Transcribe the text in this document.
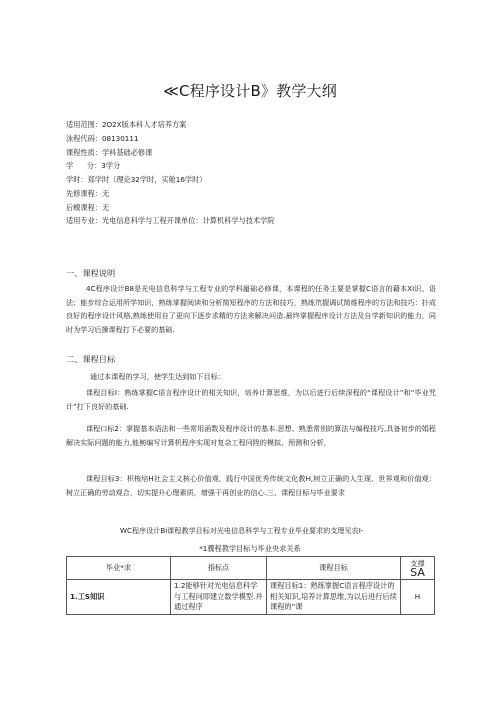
≪C程序设计B》教学大纲
适用范围：2O2X版本科人才培养方案
泳程代码：08130111
课程性质：学科基础必修课
学      分：3学分
学时：郑学时（理论32学时，实舱16学时）
先修课程：无
后蝮课程：无
适用专业：光电信息科学与工程开课单位：计算机科学与技术学院
一、课程说明

4C程序设计B8是光电信息科学与工程专业的学科蜃础必修课，本课程的任务主要是掌握C语言的藉本XI识、语法；能步综合运用所学知识，熟练掌握阅读和分析简短程序的方法和技巧，熟练笊握调试简维程序的方法和技巧：扑成良好的程序设计风格,熟练使用自了更向下逐步求精的方法来解决问造.最终掌握程序设计方法及自学新知识的能力，同时为学习后操课程打下必要的基础.

二、课程目标
通过本课程的学习，使学生达到如下目标：

课程目标I：熟练掌握C语言程序设计的相关知识，培养计算思维，为以后进行后续深程的“课程设计”和“毕业咒计”打下良好的基础.

课程口标2：掌握基本语法和一些常用函数及程序设计的基本.思想、熟悉常别的算法与编程技巧,具备初步的娟程解决实际问题的能力,能鲂编写计算机程序实现对复杂工程问陞的模拟、预测和分析，

课程目标3：枳梭培H社会主义核心价值观，践行中国优秀传统文化教H,树立正确的人生现、世界观和价值观：树立正确的劳动观合，切实提升心理素质，增强干再创业的信心.三、课程目标与毕业要求

WC程序设计Bi课程教学目标对光电信息科学与工程专业毕业要求的支理见农I-
*1骤程教学目标与毕业央求关系
毕业*求	指标点	课程目标	支撑
SA

1.工S知识	1.2能够针对光电信息科学与工程问即建立数学模型.并通过程序	课程目标1：熟练掌握C语言程序设计的相关知识,培养计算思维,为以后进行后续课程的“课	H
